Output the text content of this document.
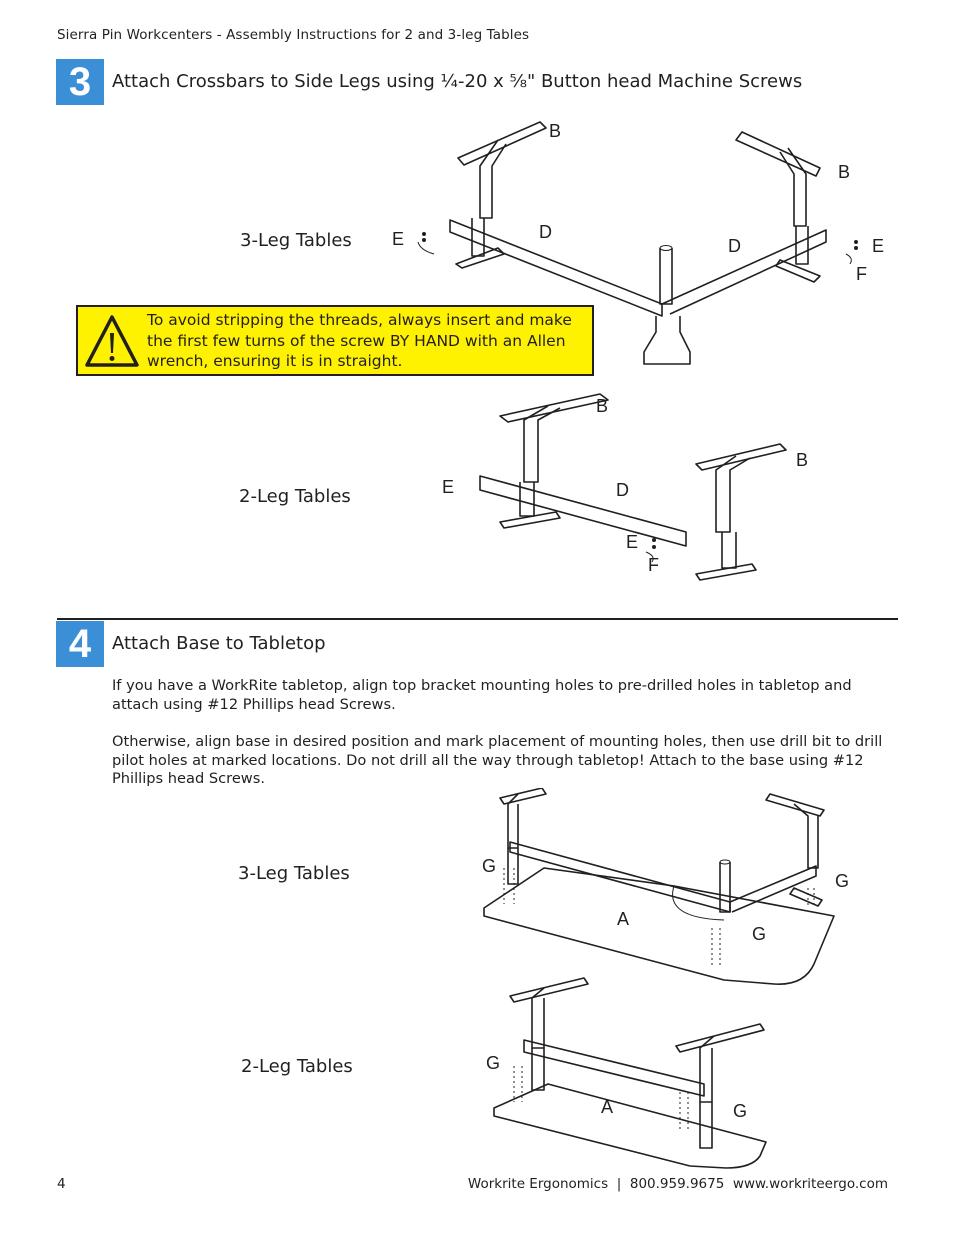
Sierra Pin Workcenters - Assembly Instructions for 2 and 3-leg Tables
3	Attach Crossbars to Side Legs using ¼-20 x ⅝" Button head Machine Screws
3-Leg Tables
B
B
E	D
D	E
F
To avoid stripping the threads, always insert and make the first few turns of the screw BY HAND with an Allen wrench, ensuring it is in straight.
2-Leg Tables
B
B
E	D
E
F
4	Attach Base to Tabletop
If you have a WorkRite tabletop, align top bracket mounting holes to pre-drilled holes in tabletop and attach using #12 Phillips head Screws.
Otherwise, align base in desired position and mark placement of mounting holes, then use drill bit to drill pilot holes at marked locations. Do not drill all the way through tabletop! Attach to the base using #12 Phillips head Screws.
3-Leg Tables	G
G
A
G
2-Leg Tables	G
A	G
4	Workrite Ergonomics  |  800.959.9675  www.workriteergo.com
